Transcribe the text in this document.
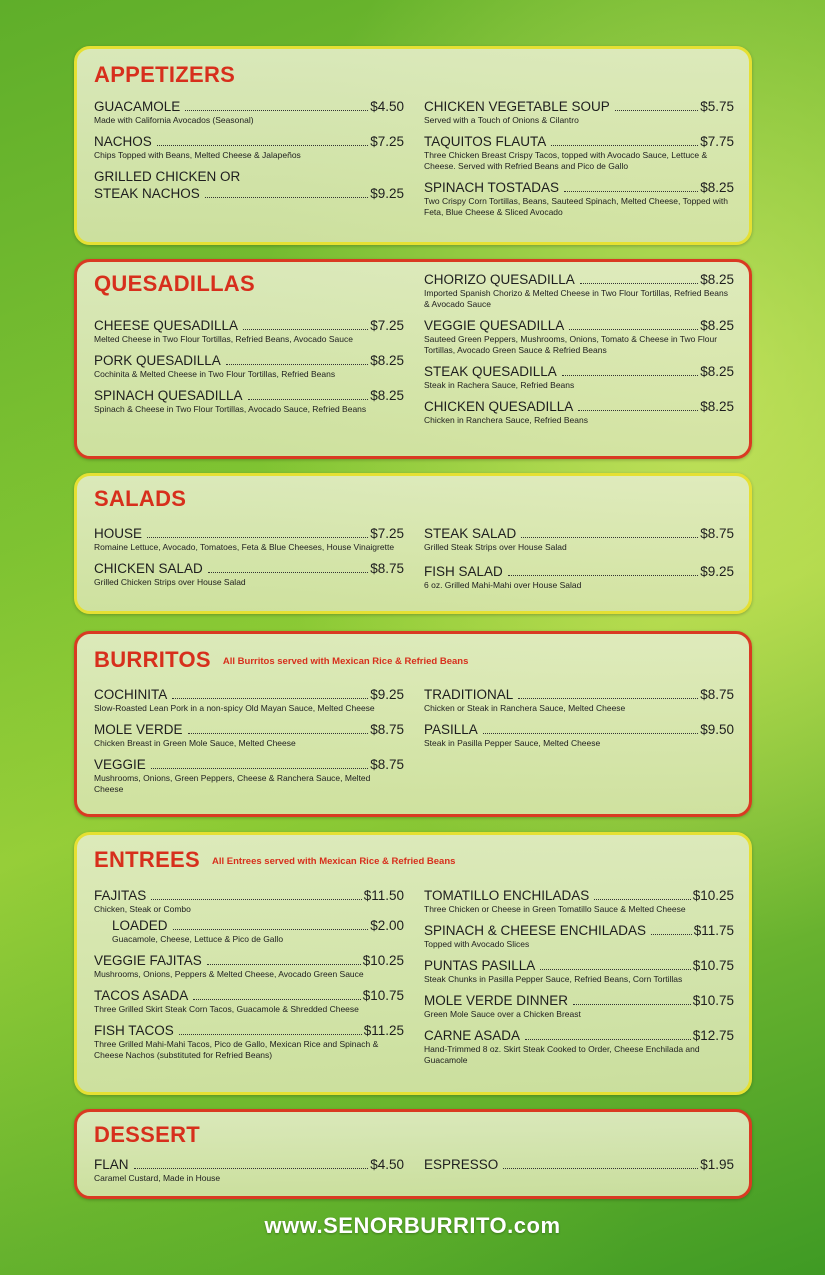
APPETIZERS
GUACAMOLE	$4.50
Made with California Avocados (Seasonal)
NACHOS	$7.25
Chips Topped with Beans, Melted Cheese & Jalapeños
GRILLED CHICKEN OR
STEAK NACHOS	$9.25
CHICKEN VEGETABLE SOUP	$5.75
Served with a Touch of Onions & Cilantro
TAQUITOS FLAUTA	$7.75
Three Chicken Breast Crispy Tacos, topped with Avocado Sauce, Lettuce & Cheese. Served with Refried Beans and Pico de Gallo
SPINACH TOSTADAS	$8.25
Two Crispy Corn Tortillas, Beans, Sauteed Spinach, Melted Cheese, Topped with Feta, Blue Cheese & Sliced Avocado
QUESADILLAS
CHEESE QUESADILLA	$7.25
Melted Cheese in Two Flour Tortillas, Refried Beans, Avocado Sauce
PORK QUESADILLA	$8.25
Cochinita & Melted Cheese in Two Flour Tortillas, Refried Beans
SPINACH QUESADILLA	$8.25
Spinach & Cheese in Two Flour Tortillas, Avocado Sauce, Refried Beans
CHORIZO QUESADILLA	$8.25
Imported Spanish Chorizo & Melted Cheese in Two Flour Tortillas, Refried Beans & Avocado Sauce
VEGGIE QUESADILLA	$8.25
Sauteed Green Peppers, Mushrooms, Onions, Tomato & Cheese in Two Flour Tortillas, Avocado Green Sauce & Refried Beans
STEAK QUESADILLA	$8.25
Steak in Rachera Sauce, Refried Beans
CHICKEN QUESADILLA	$8.25
Chicken in Ranchera Sauce, Refried Beans
SALADS
HOUSE	$7.25
Romaine Lettuce, Avocado, Tomatoes, Feta & Blue Cheeses, House Vinaigrette
CHICKEN SALAD	$8.75
Grilled Chicken Strips over House Salad
STEAK SALAD	$8.75
Grilled Steak Strips over House Salad
FISH SALAD	$9.25
6 oz. Grilled Mahi-Mahi over House Salad
BURRITOS All Burritos served with Mexican Rice & Refried Beans
COCHINITA	$9.25
Slow-Roasted Lean Pork in a non-spicy Old Mayan Sauce, Melted Cheese
MOLE VERDE	$8.75
Chicken Breast in Green Mole Sauce, Melted Cheese
VEGGIE	$8.75
Mushrooms, Onions, Green Peppers, Cheese & Ranchera Sauce, Melted Cheese
TRADITIONAL	$8.75
Chicken or Steak in Ranchera Sauce, Melted Cheese
PASILLA	$9.50
Steak in Pasilla Pepper Sauce, Melted Cheese
ENTREES All Entrees served with Mexican Rice & Refried Beans
FAJITAS	$11.50
Chicken, Steak or Combo
LOADED	$2.00
Guacamole, Cheese, Lettuce & Pico de Gallo
VEGGIE FAJITAS	$10.25
Mushrooms, Onions, Peppers & Melted Cheese, Avocado Green Sauce
TACOS ASADA	$10.75
Three Grilled Skirt Steak Corn Tacos, Guacamole & Shredded Cheese
FISH TACOS	$11.25
Three Grilled Mahi-Mahi Tacos, Pico de Gallo, Mexican Rice and Spinach & Cheese Nachos (substituted for Refried Beans)
TOMATILLO ENCHILADAS	$10.25
Three Chicken or Cheese in Green Tomatillo Sauce & Melted Cheese
SPINACH & CHEESE ENCHILADAS	$11.75
Topped with Avocado Slices
PUNTAS PASILLA	$10.75
Steak Chunks in Pasilla Pepper Sauce, Refried Beans, Corn Tortillas
MOLE VERDE DINNER	$10.75
Green Mole Sauce over a Chicken Breast
CARNE ASADA	$12.75
Hand-Trimmed 8 oz. Skirt Steak Cooked to Order, Cheese Enchilada and Guacamole
DESSERT
FLAN	$4.50
Caramel Custard, Made in House
ESPRESSO	$1.95
www.SENORBURRITO.com
